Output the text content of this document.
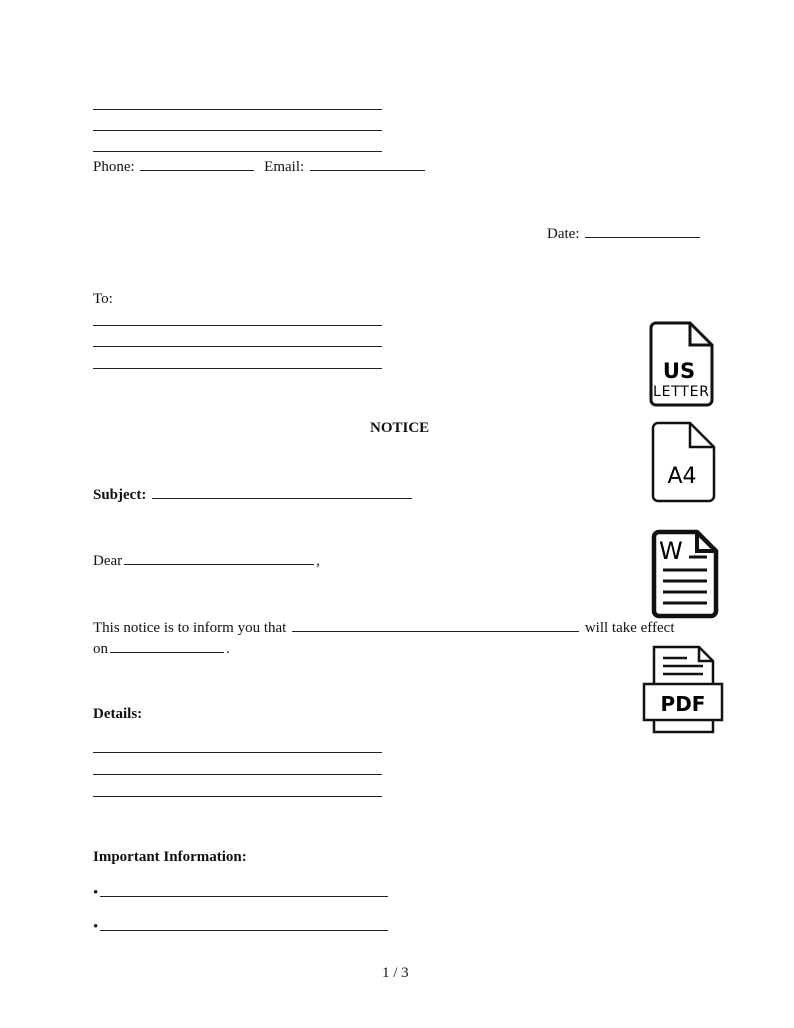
Phone:	Email:
Date:
To:
NOTICE
Subject:
Dear	,
This notice is to inform you that	will take effect
on	.
Details:
Important Information:
•
•
1 / 3
US
LETTER
A4
W
PDF
